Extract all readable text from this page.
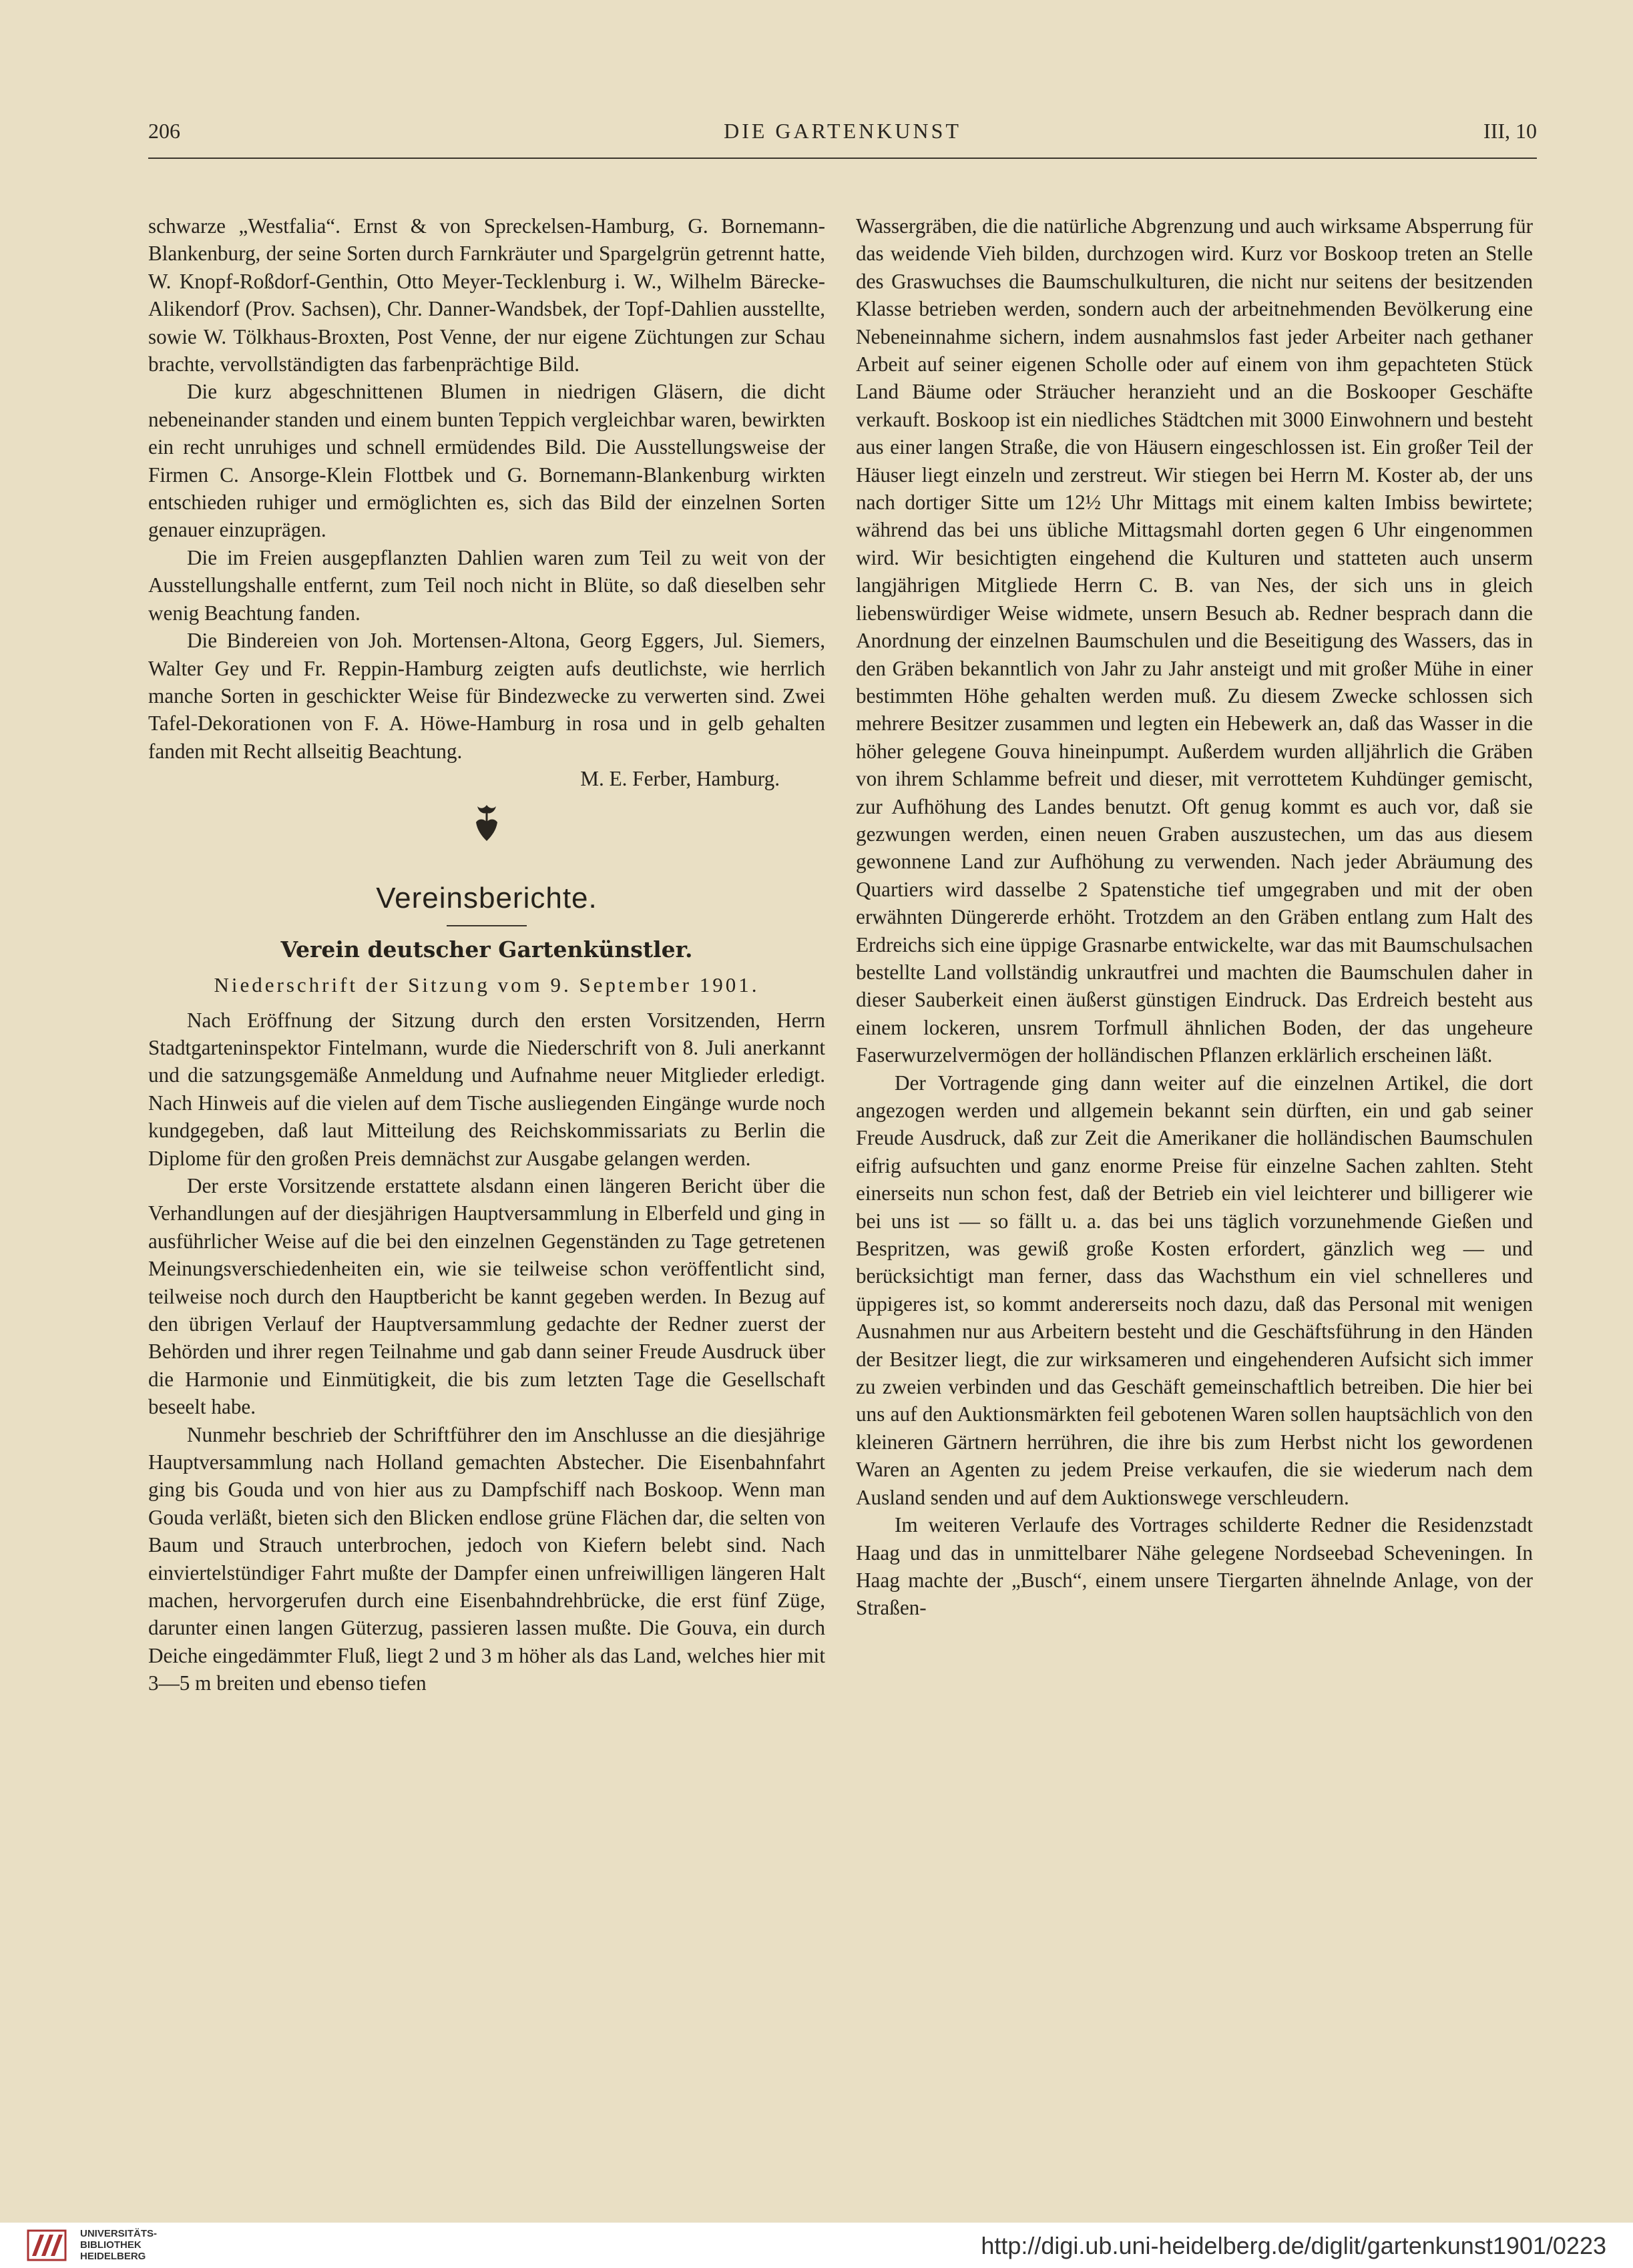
206	DIE GARTENKUNST	III, 10

schwarze „Westfalia“. Ernst & von Spreckelsen-Hamburg, G. Bornemann-Blankenburg, der seine Sorten durch Farnkräuter und Spargelgrün getrennt hatte, W. Knopf-Roßdorf-Genthin, Otto Meyer-Tecklenburg i. W., Wilhelm Bärecke-Alikendorf (Prov. Sachsen), Chr. Danner-Wandsbek, der Topf-Dahlien ausstellte, sowie W. Tölkhaus-Broxten, Post Venne, der nur eigene Züchtungen zur Schau brachte, vervollständigten das farbenprächtige Bild.

Die kurz abgeschnittenen Blumen in niedrigen Gläsern, die dicht nebeneinander standen und einem bunten Teppich vergleichbar waren, bewirkten ein recht unruhiges und schnell ermüdendes Bild. Die Ausstellungsweise der Firmen C. Ansorge-Klein Flottbek und G. Bornemann-Blankenburg wirkten entschieden ruhiger und ermöglichten es, sich das Bild der einzelnen Sorten genauer einzuprägen.

Die im Freien ausgepflanzten Dahlien waren zum Teil zu weit von der Ausstellungshalle entfernt, zum Teil noch nicht in Blüte, so daß dieselben sehr wenig Beachtung fanden.

Die Bindereien von Joh. Mortensen-Altona, Georg Eggers, Jul. Siemers, Walter Gey und Fr. Reppin-Hamburg zeigten aufs deutlichste, wie herrlich manche Sorten in geschickter Weise für Bindezwecke zu verwerten sind. Zwei Tafel-Dekorationen von F. A. Höwe-Hamburg in rosa und in gelb gehalten fanden mit Recht allseitig Beachtung.

M. E. Ferber, Hamburg.

Vereinsberichte.
Verein deutscher Gartenkünstler.
Niederschrift der Sitzung vom 9. September 1901.

Nach Eröffnung der Sitzung durch den ersten Vorsitzenden, Herrn Stadtgarteninspektor Fintelmann, wurde die Niederschrift von 8. Juli anerkannt und die satzungsgemäße Anmeldung und Aufnahme neuer Mitglieder erledigt. Nach Hinweis auf die vielen auf dem Tische ausliegenden Eingänge wurde noch kundgegeben, daß laut Mitteilung des Reichskommissariats zu Berlin die Diplome für den großen Preis demnächst zur Ausgabe gelangen werden.

Der erste Vorsitzende erstattete alsdann einen längeren Bericht über die Verhandlungen auf der diesjährigen Hauptversammlung in Elberfeld und ging in ausführlicher Weise auf die bei den einzelnen Gegenständen zu Tage getretenen Meinungsverschiedenheiten ein, wie sie teilweise schon veröffentlicht sind, teilweise noch durch den Hauptbericht be kannt gegeben werden. In Bezug auf den übrigen Verlauf der Hauptversammlung gedachte der Redner zuerst der Behörden und ihrer regen Teilnahme und gab dann seiner Freude Ausdruck über die Harmonie und Einmütigkeit, die bis zum letzten Tage die Gesellschaft beseelt habe.

Nunmehr beschrieb der Schriftführer den im Anschlusse an die diesjährige Hauptversammlung nach Holland gemachten Abstecher. Die Eisenbahnfahrt ging bis Gouda und von hier aus zu Dampfschiff nach Boskoop. Wenn man Gouda verläßt, bieten sich den Blicken endlose grüne Flächen dar, die selten von Baum und Strauch unterbrochen, jedoch von Kiefern belebt sind. Nach einviertelstündiger Fahrt mußte der Dampfer einen unfreiwilligen längeren Halt machen, hervorgerufen durch eine Eisenbahndrehbrücke, die erst fünf Züge, darunter einen langen Güterzug, passieren lassen mußte. Die Gouva, ein durch Deiche eingedämmter Fluß, liegt 2 und 3 m höher als das Land, welches hier mit 3—5 m breiten und ebenso tiefen

Wassergräben, die die natürliche Abgrenzung und auch wirksame Absperrung für das weidende Vieh bilden, durchzogen wird. Kurz vor Boskoop treten an Stelle des Graswuchses die Baumschulkulturen, die nicht nur seitens der besitzenden Klasse betrieben werden, sondern auch der arbeitnehmenden Bevölkerung eine Nebeneinnahme sichern, indem ausnahmslos fast jeder Arbeiter nach gethaner Arbeit auf seiner eigenen Scholle oder auf einem von ihm gepachteten Stück Land Bäume oder Sträucher heranzieht und an die Boskooper Geschäfte verkauft. Boskoop ist ein niedliches Städtchen mit 3000 Einwohnern und besteht aus einer langen Straße, die von Häusern eingeschlossen ist. Ein großer Teil der Häuser liegt einzeln und zerstreut. Wir stiegen bei Herrn M. Koster ab, der uns nach dortiger Sitte um 12½ Uhr Mittags mit einem kalten Imbiss bewirtete; während das bei uns übliche Mittagsmahl dorten gegen 6 Uhr eingenommen wird. Wir besichtigten eingehend die Kulturen und statteten auch unserm langjährigen Mitgliede Herrn C. B. van Nes, der sich uns in gleich liebenswürdiger Weise widmete, unsern Besuch ab. Redner besprach dann die Anordnung der einzelnen Baumschulen und die Beseitigung des Wassers, das in den Gräben bekanntlich von Jahr zu Jahr ansteigt und mit großer Mühe in einer bestimmten Höhe gehalten werden muß. Zu diesem Zwecke schlossen sich mehrere Besitzer zusammen und legten ein Hebewerk an, daß das Wasser in die höher gelegene Gouva hineinpumpt. Außerdem wurden alljährlich die Gräben von ihrem Schlamme befreit und dieser, mit verrottetem Kuhdünger gemischt, zur Aufhöhung des Landes benutzt. Oft genug kommt es auch vor, daß sie gezwungen werden, einen neuen Graben auszustechen, um das aus diesem gewonnene Land zur Aufhöhung zu verwenden. Nach jeder Abräumung des Quartiers wird dasselbe 2 Spatenstiche tief umgegraben und mit der oben erwähnten Düngererde erhöht. Trotzdem an den Gräben entlang zum Halt des Erdreichs sich eine üppige Grasnarbe entwickelte, war das mit Baumschulsachen bestellte Land vollständig unkrautfrei und machten die Baumschulen daher in dieser Sauberkeit einen äußerst günstigen Eindruck. Das Erdreich besteht aus einem lockeren, unsrem Torfmull ähnlichen Boden, der das ungeheure Faserwurzelvermögen der holländischen Pflanzen erklärlich erscheinen läßt.

Der Vortragende ging dann weiter auf die einzelnen Artikel, die dort angezogen werden und allgemein bekannt sein dürften, ein und gab seiner Freude Ausdruck, daß zur Zeit die Amerikaner die holländischen Baumschulen eifrig aufsuchten und ganz enorme Preise für einzelne Sachen zahlten. Steht einerseits nun schon fest, daß der Betrieb ein viel leichterer und billigerer wie bei uns ist — so fällt u. a. das bei uns täglich vorzunehmende Gießen und Bespritzen, was gewiß große Kosten erfordert, gänzlich weg — und berücksichtigt man ferner, dass das Wachsthum ein viel schnelleres und üppigeres ist, so kommt andererseits noch dazu, daß das Personal mit wenigen Ausnahmen nur aus Arbeitern besteht und die Geschäftsführung in den Händen der Besitzer liegt, die zur wirksameren und eingehenderen Aufsicht sich immer zu zweien verbinden und das Geschäft gemeinschaftlich betreiben. Die hier bei uns auf den Auktionsmärkten feil gebotenen Waren sollen hauptsächlich von den kleineren Gärtnern herrühren, die ihre bis zum Herbst nicht los gewordenen Waren an Agenten zu jedem Preise verkaufen, die sie wiederum nach dem Ausland senden und auf dem Auktionswege verschleudern.

Im weiteren Verlaufe des Vortrages schilderte Redner die Residenzstadt Haag und das in unmittelbarer Nähe gelegene Nordseebad Scheveningen. In Haag machte der „Busch“, einem unsere Tiergarten ähnelnde Anlage, von der Straßen-

UNIVERSITÄTS-
BIBLIOTHEK
HEIDELBERG	http://digi.ub.uni-heidelberg.de/diglit/gartenkunst1901/0223
